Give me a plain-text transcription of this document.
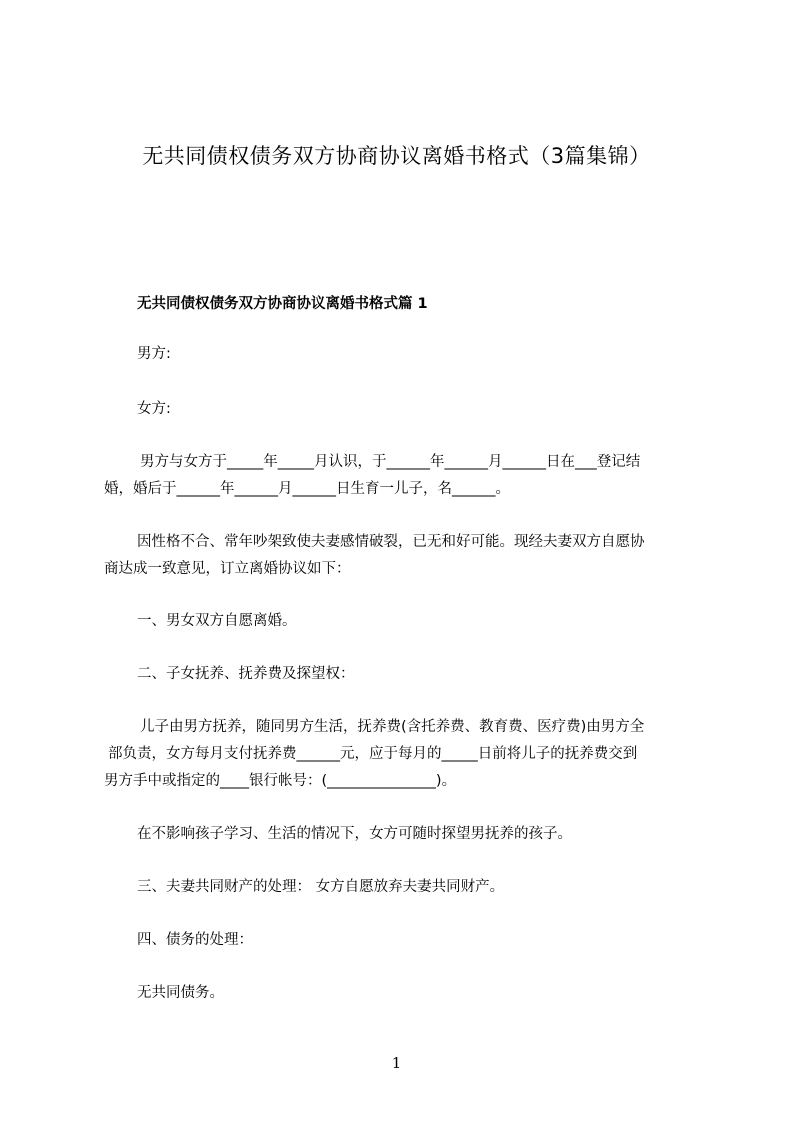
无共同债权债务双方协商协议离婚书格式（3篇集锦）
无共同债权债务双方协商协议离婚书格式篇 1
男方:
女方:
男方与女方于_____年_____月认识，于______年______月______日在___登记结
婚，婚后于______年______月______日生育一儿子，名______。
因性格不合、常年吵架致使夫妻感情破裂，已无和好可能。现经夫妻双方自愿协
商达成一致意见，订立离婚协议如下：
一、男女双方自愿离婚。
二、子女抚养、抚养费及探望权：
儿子由男方抚养，随同男方生活，抚养费(含托养费、教育费、医疗费)由男方全
部负责，女方每月支付抚养费______元，应于每月的_____日前将儿子的抚养费交到
男方手中或指定的____银行帐号：(_______________)。
在不影响孩子学习、生活的情况下，女方可随时探望男抚养的孩子。
三、夫妻共同财产的处理： 女方自愿放弃夫妻共同财产。
四、债务的处理：
无共同债务。
1
